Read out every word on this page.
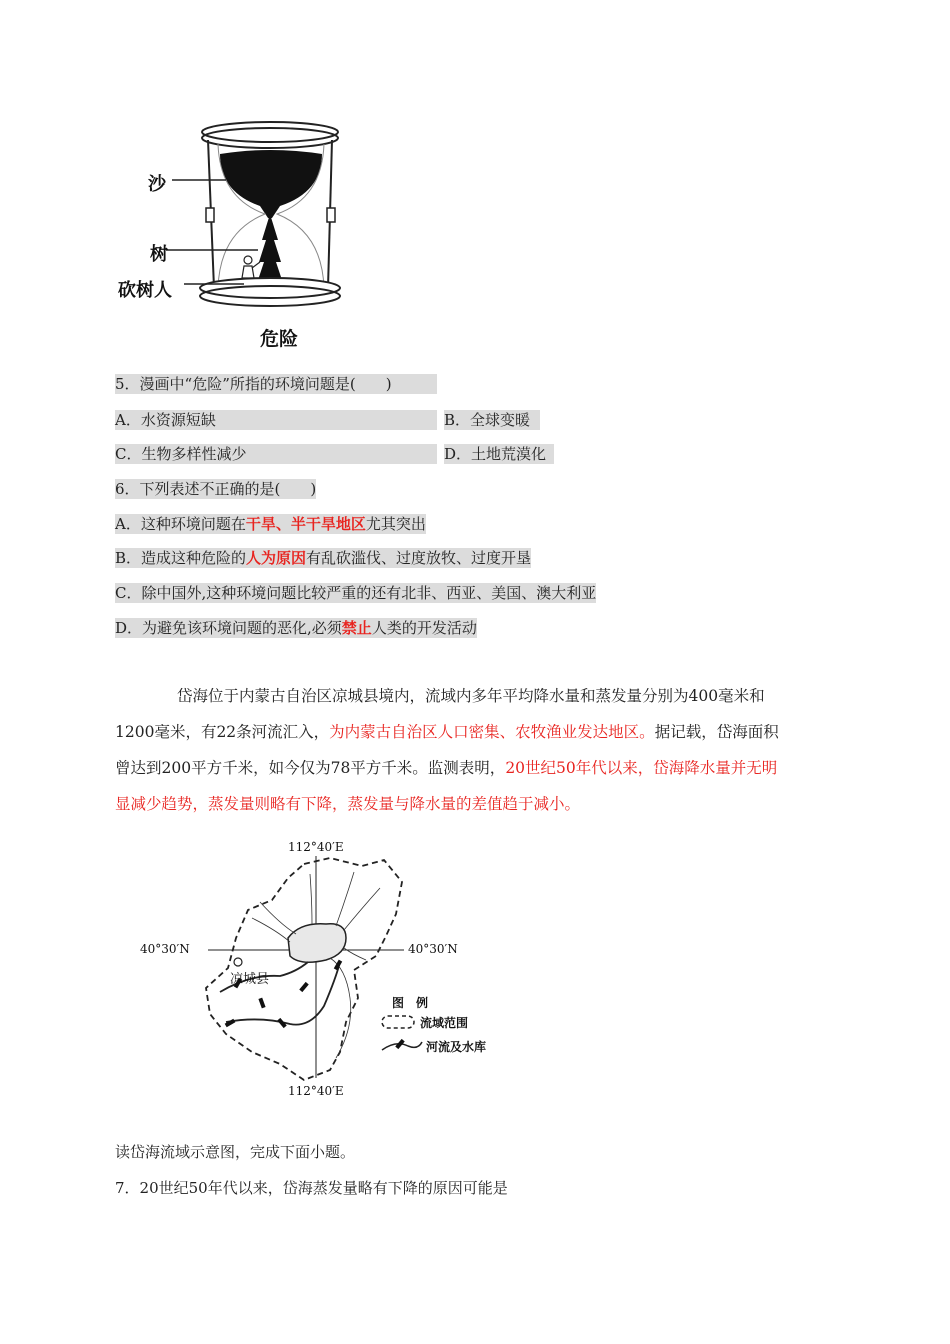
沙
树
砍树人
危险
5．漫画中“危险”所指的环境问题是(　　)
A．水资源短缺	B．全球变暖
C．生物多样性减少	D．土地荒漠化
6．下列表述不正确的是(　　)
A．这种环境问题在干旱、半干旱地区尤其突出
B．造成这种危险的人为原因有乱砍滥伐、过度放牧、过度开垦
C．除中国外,这种环境问题比较严重的还有北非、西亚、美国、澳大利亚
D．为避免该环境问题的恶化,必须禁止人类的开发活动
岱海位于内蒙古自治区凉城县境内，流域内多年平均降水量和蒸发量分别为400毫米和
1200毫米，有22条河流汇入，为内蒙古自治区人口密集、农牧渔业发达地区。据记载，岱海面积
曾达到200平方千米，如今仅为78平方千米。监测表明，20世纪50年代以来，岱海降水量并无明
显减少趋势，蒸发量则略有下降，蒸发量与降水量的差值趋于减小。
112°40′E
112°40′E
40°30′N	40°30′N
凉城县
图　例
流域范围
河流及水库
读岱海流域示意图，完成下面小题。
7．20世纪50年代以来，岱海蒸发量略有下降的原因可能是
